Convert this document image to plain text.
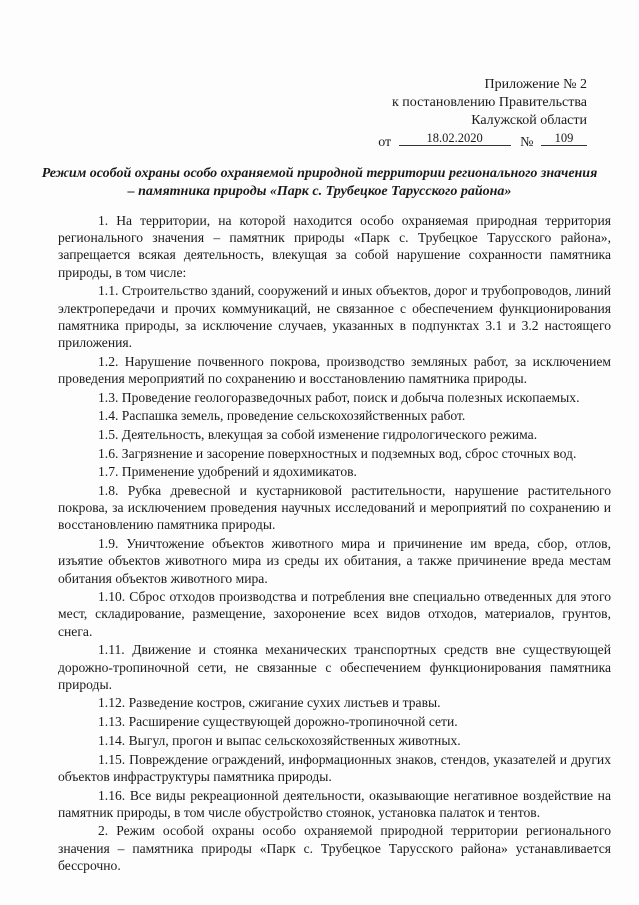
Приложение № 2
к постановлению Правительства
Калужской области
от	18.02.2020	№	109
Режим особой охраны особо охраняемой природной территории регионального значения – памятника природы «Парк с. Трубецкое Тарусского района»

1. На территории, на которой находится особо охраняемая природная территория регионального значения – памятник природы «Парк с. Трубецкое Тарусского района», запрещается всякая деятельность, влекущая за собой нарушение сохранности памятника природы, в том числе:

1.1. Строительство зданий, сооружений и иных объектов, дорог и трубопроводов, линий электропередачи и прочих коммуникаций, не связанное с обеспечением функционирования памятника природы, за исключение случаев, указанных в подпунктах 3.1 и 3.2 настоящего приложения.

1.2. Нарушение почвенного покрова, производство земляных работ, за исключением проведения мероприятий по сохранению и восстановлению памятника природы.

1.3. Проведение геологоразведочных работ, поиск и добыча полезных ископаемых.

1.4. Распашка земель, проведение сельскохозяйственных работ.

1.5. Деятельность, влекущая за собой изменение гидрологического режима.

1.6. Загрязнение и засорение поверхностных и подземных вод, сброс сточных вод.

1.7. Применение удобрений и ядохимикатов.

1.8. Рубка древесной и кустарниковой растительности, нарушение растительного покрова, за исключением проведения научных исследований и мероприятий по сохранению и восстановлению памятника природы.

1.9. Уничтожение объектов животного мира и причинение им вреда, сбор, отлов, изъятие объектов животного мира из среды их обитания, а также причинение вреда местам обитания объектов животного мира.

1.10. Сброс отходов производства и потребления вне специально отведенных для этого мест, складирование, размещение, захоронение всех видов отходов, материалов, грунтов, снега.

1.11. Движение и стоянка механических транспортных средств вне существующей дорожно-тропиночной сети, не связанные с обеспечением функционирования памятника природы.

1.12. Разведение костров, сжигание сухих листьев и травы.

1.13. Расширение существующей дорожно-тропиночной сети.

1.14. Выгул, прогон и выпас сельскохозяйственных животных.

1.15. Повреждение ограждений, информационных знаков, стендов, указателей и других объектов инфраструктуры памятника природы.

1.16. Все виды рекреационной деятельности, оказывающие негативное воздействие на памятник природы, в том числе обустройство стоянок, установка палаток и тентов.

2. Режим особой охраны особо охраняемой природной территории регионального значения – памятника природы «Парк с. Трубецкое Тарусского района» устанавливается бессрочно.
